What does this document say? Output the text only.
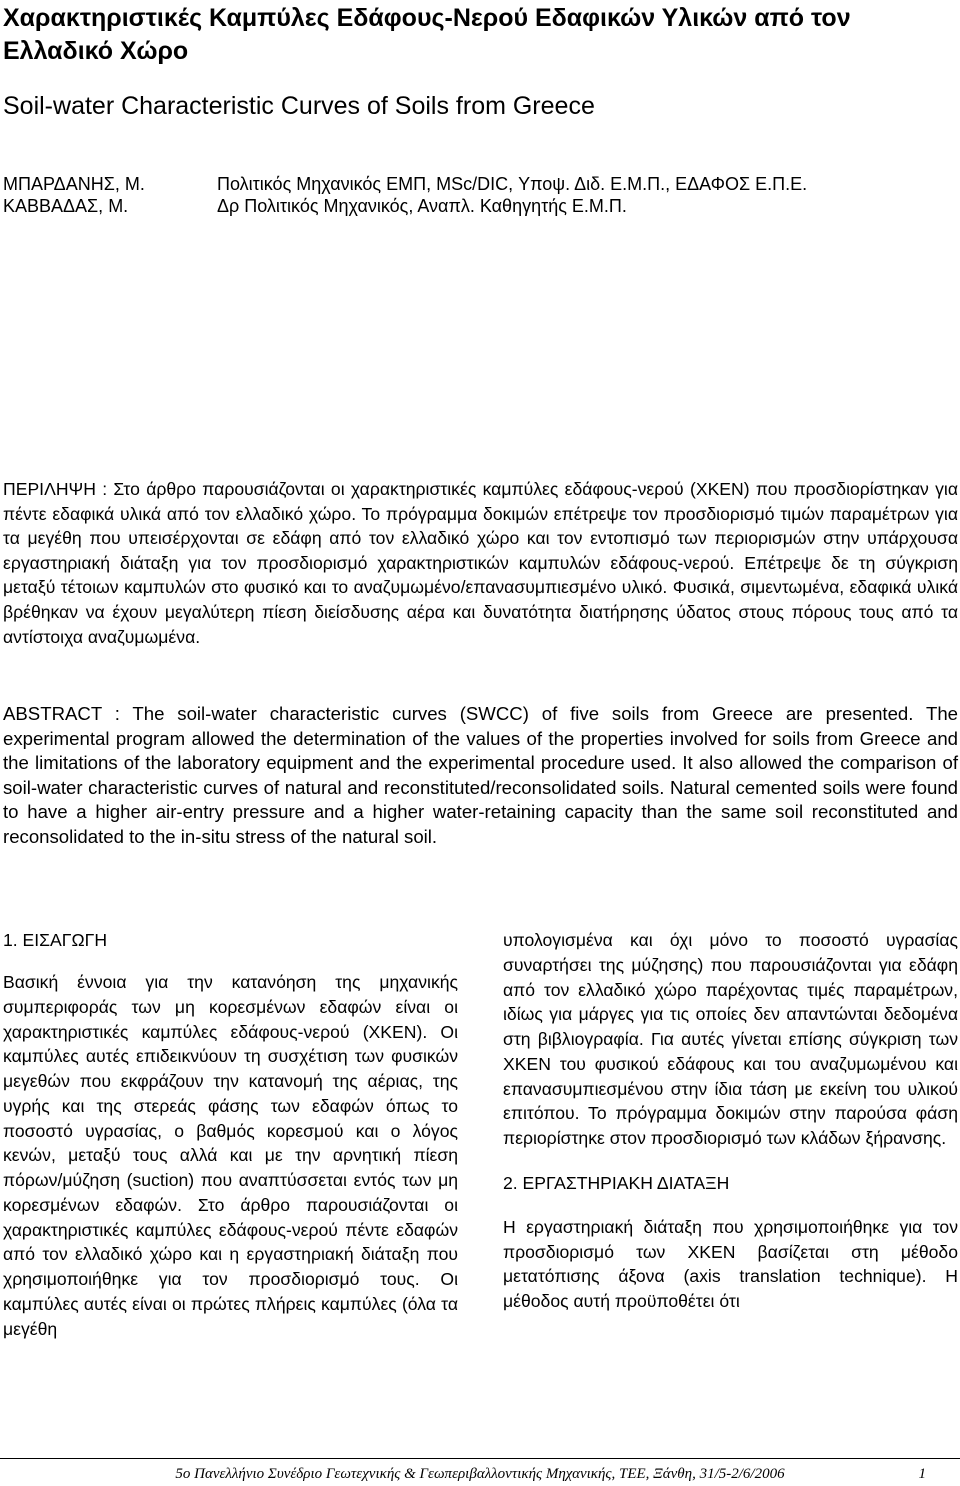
Χαρακτηριστικές Καμπύλες Εδάφους-Νερού Εδαφικών Υλικών από τον Ελλαδικό Χώρο
Soil-water Characteristic Curves of Soils from Greece
ΜΠΑΡΔΑΝΗΣ, Μ.	Πολιτικός Μηχανικός ΕΜΠ, MSc/DIC, Υποψ. Διδ. Ε.Μ.Π., ΕΔΑΦΟΣ Ε.Π.Ε.
ΚΑΒΒΑΔΑΣ, Μ.	Δρ Πολιτικός Μηχανικός, Αναπλ. Καθηγητής Ε.Μ.Π.
ΠΕΡΙΛΗΨΗ : Στο άρθρο παρουσιάζονται οι χαρακτηριστικές καμπύλες εδάφους-νερού (ΧΚΕΝ) που προσδιορίστηκαν για πέντε εδαφικά υλικά από τον ελλαδικό χώρο. Το πρόγραμμα δοκιμών επέτρεψε τον προσδιορισμό τιμών παραμέτρων για τα μεγέθη που υπεισέρχονται σε εδάφη από τον ελλαδικό χώρο και τον εντοπισμό των περιορισμών στην υπάρχουσα εργαστηριακή διάταξη για τον προσδιορισμό χαρακτηριστικών καμπυλών εδάφους-νερού. Επέτρεψε δε τη σύγκριση μεταξύ τέτοιων καμπυλών στο φυσικό και το αναζυμωμένο/επανασυμπιεσμένο υλικό. Φυσικά, σιμεντωμένα, εδαφικά υλικά βρέθηκαν να έχουν μεγαλύτερη πίεση διείσδυσης αέρα και δυνατότητα διατήρησης ύδατος στους πόρους τους από τα αντίστοιχα αναζυμωμένα.
ABSTRACT : The soil-water characteristic curves (SWCC) of five soils from Greece are presented. The experimental program allowed the determination of the values of the properties involved for soils from Greece and the limitations of the laboratory equipment and the experimental procedure used. It also allowed the comparison of soil-water characteristic curves of natural and reconstituted/reconsolidated soils. Natural cemented soils were found to have a higher air-entry pressure and a higher water-retaining capacity than the same soil reconstituted and reconsolidated to the in-situ stress of the natural soil.
1. ΕΙΣΑΓΩΓΗ
Βασική έννοια για την κατανόηση της μηχανικής συμπεριφοράς των μη κορεσμένων εδαφών είναι οι χαρακτηριστικές καμπύλες εδάφους-νερού (ΧΚΕΝ). Οι καμπύλες αυτές επιδεικνύουν τη συσχέτιση των φυσικών μεγεθών που εκφράζουν την κατανομή της αέριας, της υγρής και της στερεάς φάσης των εδαφών όπως το ποσοστό υγρασίας, ο βαθμός κορεσμού και ο λόγος κενών, μεταξύ τους αλλά και με την αρνητική πίεση πόρων/μύζηση (suction) που αναπτύσσεται εντός των μη κορεσμένων εδαφών. Στο άρθρο παρουσιάζονται οι χαρακτηριστικές καμπύλες εδάφους-νερού πέντε εδαφών από τον ελλαδικό χώρο και η εργαστηριακή διάταξη που χρησιμοποιήθηκε για τον προσδιορισμό τους. Οι καμπύλες αυτές είναι οι πρώτες πλήρεις καμπύλες (όλα τα μεγέθη
υπολογισμένα και όχι μόνο το ποσοστό υγρασίας συναρτήσει της μύζησης) που παρουσιάζονται για εδάφη από τον ελλαδικό χώρο παρέχοντας τιμές παραμέτρων, ιδίως για μάργες για τις οποίες δεν απαντώνται δεδομένα στη βιβλιογραφία. Για αυτές γίνεται επίσης σύγκριση των ΧΚΕΝ του φυσικού εδάφους και του αναζυμωμένου και επανασυμπιεσμένου στην ίδια τάση με εκείνη του υλικού επιτόπου. Το πρόγραμμα δοκιμών στην παρούσα φάση περιορίστηκε στον προσδιορισμό των κλάδων ξήρανσης.
2. ΕΡΓΑΣΤΗΡΙΑΚΗ ΔΙΑΤΑΞΗ
Η εργαστηριακή διάταξη που χρησιμοποιήθηκε για τον προσδιορισμό των ΧΚΕΝ βασίζεται στη μέθοδο μετατόπισης άξονα (axis translation technique). Η μέθοδος αυτή προϋποθέτει ότι
5ο Πανελλήνιο Συνέδριο Γεωτεχνικής & Γεωπεριβαλλοντικής Μηχανικής, ΤΕΕ, Ξάνθη, 31/5-2/6/2006	1
